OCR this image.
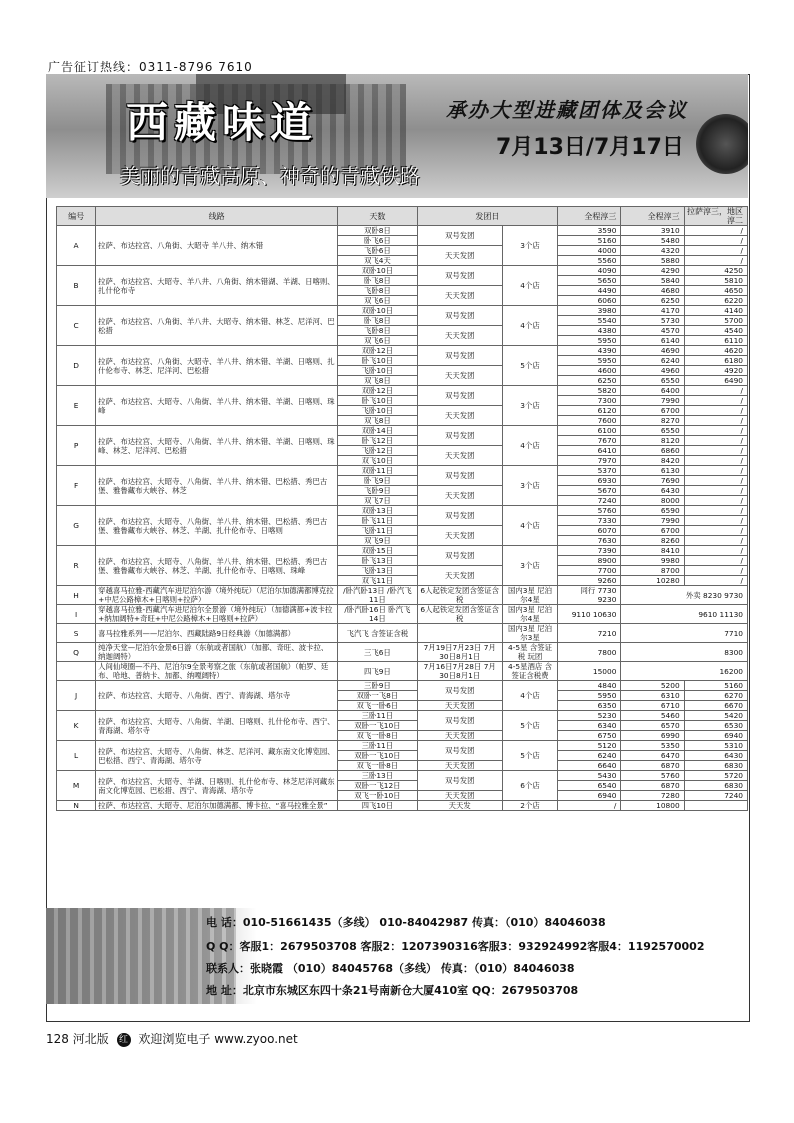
广告征订热线：0311-8796 7610
西藏味道	承办大型进藏团体及会议
7月13日/7月17日
美丽的青藏高原、神奇的青藏铁路
编号	线路	天数	发团日		全程淳三	全程淳三	拉萨淳三，地区淳二
A	拉萨、布达拉宫、八角街、大昭寺 羊八井、纳木错	双卧8日	双号发团	3个店	3590	3910	/
		卧飞6日			5160	5480	/
		飞卧6日	天天发团		4000	4320	/
		双飞4天			5560	5880	/
B	拉萨、布达拉宫、大昭寺、羊八井、八角街、纳木错湖、羊湖、日喀则、扎什伦布寺	双卧10日	双号发团	4个店	4090	4290	4250
		卧飞8日			5650	5840	5810
		飞卧8日	天天发团		4490	4680	4650
		双飞6日			6060	6250	6220
C	拉萨、布达拉宫、八角街、羊八井、大昭寺、纳木错、林芝、尼洋河、巴松措	双卧10日	双号发团	4个店	3980	4170	4140
		卧飞8日			5540	5730	5700
		飞卧8日	天天发团		4380	4570	4540
		双飞6日			5950	6140	6110
D	拉萨、布达拉宫、八角街、大昭寺、羊八井、纳木错、羊湖、日喀则、扎什伦布寺、林芝、尼洋河、巴松措	双卧12日	双号发团	5个店	4390	4690	4620
		卧飞10日			5950	6240	6180
		飞卧10日	天天发团		4600	4960	4920
		双飞8日			6250	6550	6490
E	拉萨、布达拉宫、大昭寺、八角街、羊八井、纳木错、羊湖、日喀则、珠峰	双卧12日	双号发团	3个店	5820	6400	/
		卧飞10日			7300	7990	/
		飞卧10日	天天发团		6120	6700	/
		双飞8日			7600	8270	/
P	拉萨、布达拉宫、大昭寺、八角街、羊八井、纳木错、羊湖、日喀则、珠峰、林芝、尼洋河、巴松措	双卧14日	双号发团	4个店	6100	6550	/
		卧飞12日			7670	8120	/
		飞卧12日	天天发团		6410	6860	/
		双飞10日			7970	8420	/
F	拉萨、布达拉宫、大昭寺、八角街、羊八井、纳木错、巴松措、秀巴古堡、雅鲁藏布大峡谷、林芝	双卧11日	双号发团	3个店	5370	6130	/
		卧飞9日			6930	7690	/
		飞卧9日	天天发团		5670	6430	/
		双飞7日			7240	8000	/
G	拉萨、布达拉宫、大昭寺、八角街、羊八井、纳木错、巴松措、秀巴古堡、雅鲁藏布大峡谷、林芝、羊湖、扎什伦布寺、日喀则	双卧13日	双号发团	4个店	5760	6590	/
		卧飞11日			7330	7990	/
		飞卧11日	天天发团		6070	6700	/
		双飞9日			7630	8260	/
R	拉萨、布达拉宫、大昭寺、八角街、羊八井、纳木错、巴松措、秀巴古堡、雅鲁藏布大峡谷、林芝、羊湖、扎什伦布寺、日喀则、珠峰	双卧15日	双号发团	3个店	7390	8410	/
		卧飞13日			8900	9980	/
		飞卧13日	天天发团		7700	8700	/
		双飞11日			9260	10280	/
H	穿越喜马拉雅-西藏汽车进尼泊尔游（境外纯玩）（尼泊尔加德满都博克拉+中尼公路樟木+日喀则+拉萨）	/卧汽卧13日 /卧汽飞11日	6人起铁定发团含签证含税	国内3星 尼泊尔4星	同行 7730 9230	外卖 8230 9730	
I	穿越喜马拉雅-西藏汽车进尼泊尔全景游（境外纯玩）（加德满都+波卡拉+纳加阔特+奇旺+中尼公路樟木+日喀则+拉萨）	/卧汽卧16日 卧汽飞14日	6人起铁定发团含签证含税	国内3星 尼泊尔4星	9110 10630	9610 11130	
S	喜马拉雅系列——尼泊尔、西藏陆路9日经典游（加德满都）	飞汽飞 含签证含税		国内3星 尼泊尔3星	7210	7710	
Q	纯净天堂—尼泊尔金景6日游（东航或者国航）（加都、奇旺、波卡拉、纳迦阔特）	三飞6日	7月19日7月23日 7月30日8月1日	4-5星 含签证税 玩团	7800	8300	
	人间仙境圈—不丹、尼泊尔9全景考察之旅（东航或者国航）（帕罗、廷布、哈地、普纳卡、加都、纳嘎阔特）	四飞9日	7月16日7月28日 7月30日8月1日	4-5星酒店 含签证含税费	15000	16200	
J	拉萨、布达拉宫、大昭寺、八角街、西宁、青海湖、塔尔寺	三卧9日	双号发团	4个店	4840	5200	5160
		双卧一飞8日			5950	6310	6270
		双飞一卧6日	天天发团		6350	6710	6670
K	拉萨、布达拉宫、大昭寺、八角街、羊湖、日喀则、扎什伦布寺、西宁、青海湖、塔尔寺	三卧11日	双号发团	5个店	5230	5460	5420
		双卧一飞10日			6340	6570	6530
		双飞一卧8日	天天发团		6750	6990	6940
L	拉萨、布达拉宫、大昭寺、八角街、林芝、尼洋河、藏东南文化博览园、巴松措、西宁、青海湖、塔尔寺	三卧11日	双号发团	5个店	5120	5350	5310
		双卧一飞10日			6240	6470	6430
		双飞一卧8日	天天发团		6640	6870	6830
M	拉萨、布达拉宫、大昭寺、羊湖、日喀则、扎什伦布寺、林芝尼洋河藏东南文化博览园、巴松措、西宁、青海湖、塔尔寺	三卧13日	双号发团	6个店	5430	5760	5720
		双卧一飞12日			6540	6870	6830
		双飞一卧10日	天天发团		6940	7280	7240
N	拉萨、布达拉宫、大昭寺、尼泊尔加德满都、博卡拉、“喜马拉雅全景”	四飞10日	天天发	2个店	/	10800	
电 话：010-51661435（多线） 010-84042987 传真：（010）84046038
Q Q：客服1：2679503708 客服2：1207390316客服3：932924992客服4：1192570002
联系人：张晓霞 （010）84045768（多线） 传真：（010）84046038
地 址：北京市东城区东四十条21号南新仓大厦410室 QQ：2679503708
128 河北版 红 欢迎浏览电子 www.zyoo.net
